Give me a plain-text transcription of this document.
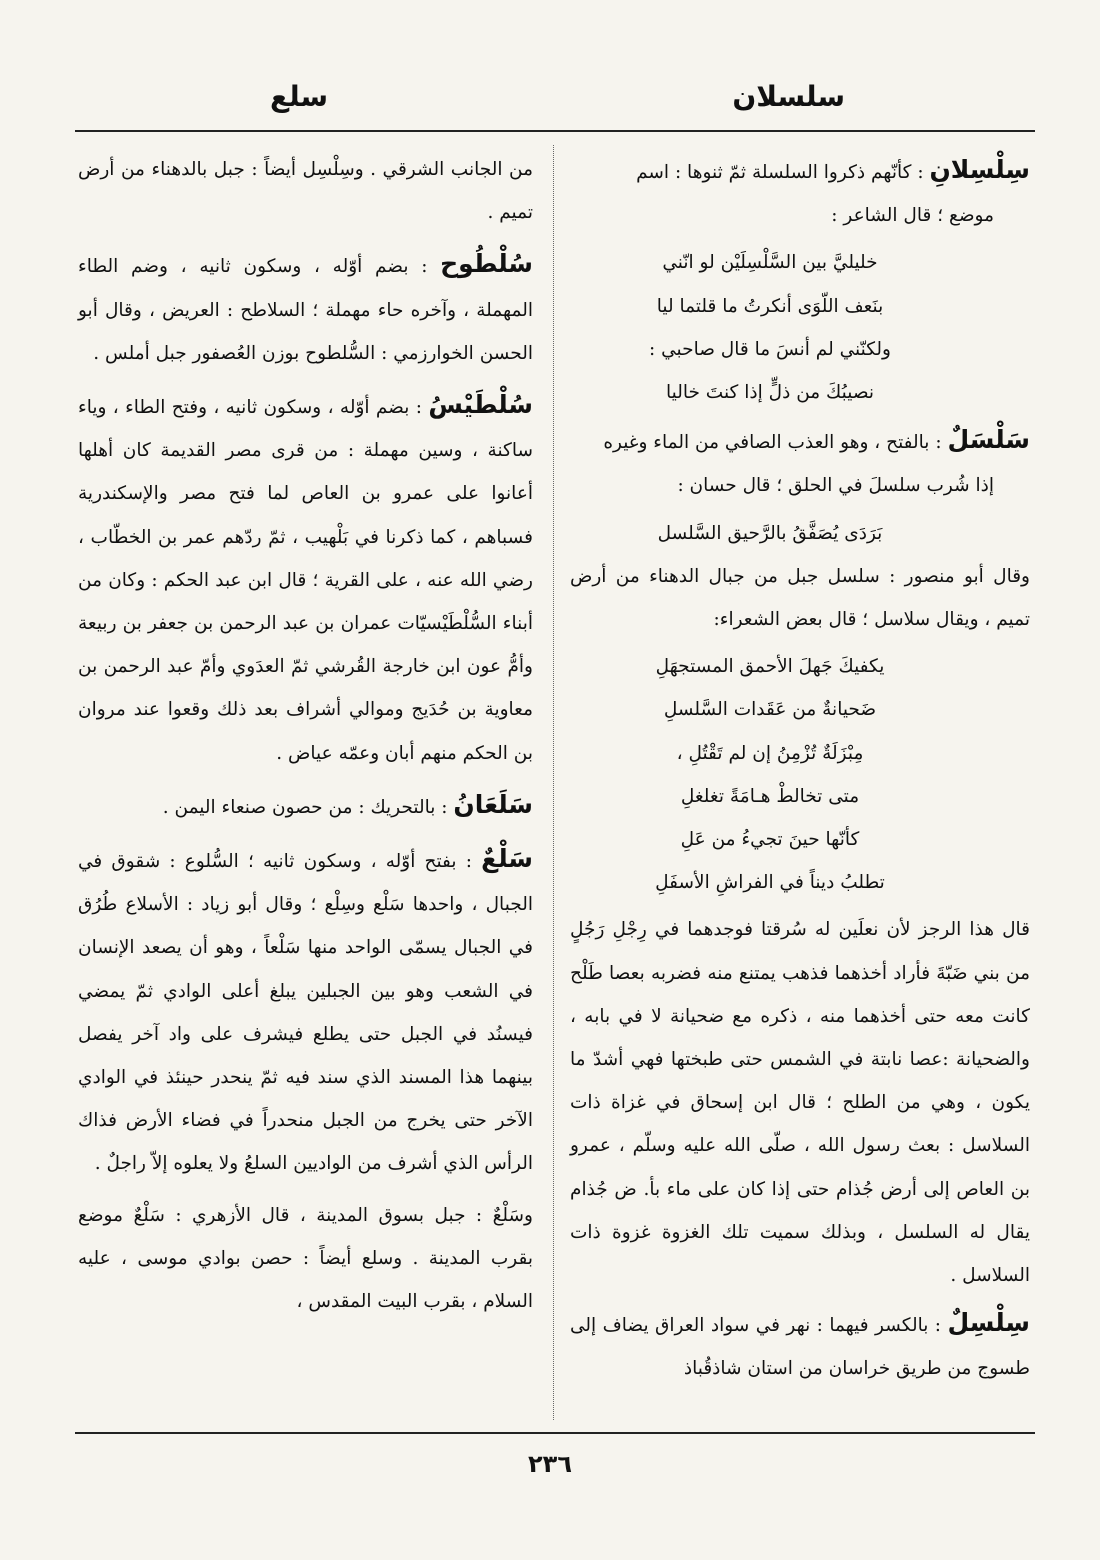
سلسلان
سلع

سِلْسِلانِ : كأنّهم ذكروا السلسلة ثمّ ثنوها : اسم
موضع ؛ قال الشاعر :

خليليَّ بين السَّلْسِلَيْن لو انّني

بنَعف اللّوَى أنكرتُ ما قلتما ليا

ولكنّني لم أنسَ ما قال صاحبي :

نصيبُكَ من ذلٍّ إذا كنتَ خاليا

سَلْسَلٌ : بالفتح ، وهو العذب الصافي من الماء وغيره
إذا شُرب سلسلَ في الحلق ؛ قال حسان :

بَرَدَى يُصَفَّقُ بالرَّحيق السَّلسل

وقال أبو منصور : سلسل جبل من جبال الدهناء من أرض تميم ، ويقال سلاسل ؛ قال بعض الشعراء:

يكفيكَ جَهلَ الأحمق المستجهَلِ

ضَحيانةٌ من عَقَدات السَّلسلِ

مِبْزَلَةٌ تُزْمِنُ إن لم تَقْتُلِ ،

متى تخالطْ هـامَةً تغلغلِ

كأنّها حينَ تجيءُ من عَلِ

تطلبُ ديناً في الفراشِ الأسفَلِ

قال هذا الرجز لأن نعلَين له سُرقتا فوجدهما في رِجْلِ رَجُلٍ من بني ضَبّةَ فأراد أخذهما فذهب يمتنع منه فضربه بعصا طَلْح كانت معه حتى أخذهما منه ، ذكره مع ضحيانة لا في بابه ، والضحيانة :عصا نابتة في الشمس حتى طبختها فهي أشدّ ما يكون ، وهي من الطلح ؛ قال ابن إسحاق في غزاة ذات السلاسل : بعث رسول الله ، صلّى الله عليه وسلّم ، عمرو بن العاص إلى أرض جُذام حتى إذا كان على ماء بأ. ض جُذام يقال له السلسل ، وبذلك سميت تلك الغزوة غزوة ذات السلاسل .

سِلْسِلٌ : بالكسر فيهما : نهر في سواد العراق يضاف إلى طسوج من طريق خراسان من استان شاذقُباذ

من الجانب الشرقي . وسِلْسِل أيضاً : جبل بالدهناء من أرض تميم .

سُلْطُوح : بضم أوّله ، وسكون ثانيه ، وضم الطاء المهملة ، وآخره حاء مهملة ؛ السلاطح : العريض ، وقال أبو الحسن الخوارزمي : السُّلطوح بوزن العُصفور جبل أملس .

سُلْطَيْسُ : بضم أوّله ، وسكون ثانيه ، وفتح الطاء ، وياء ساكنة ، وسين مهملة : من قرى مصر القديمة كان أهلها أعانوا على عمرو بن العاص لما فتح مصر والإسكندرية فسباهم ، كما ذكرنا في بَلْهيب ، ثمّ ردّهم عمر بن الخطّاب ، رضي الله عنه ، على القرية ؛ قال ابن عبد الحكم : وكان من أبناء السُّلْطَيْسيّات عمران بن عبد الرحمن بن جعفر بن ربيعة وأمُّ عون ابن خارجة القُرشي ثمّ العدَوي وأمّ عبد الرحمن بن معاوية بن حُدَيج وموالي أشراف بعد ذلك وقعوا عند مروان بن الحكم منهم أبان وعمّه عياض .

سَلَعَانُ : بالتحريك : من حصون صنعاء اليمن .

سَلْعٌ : بفتح أوّله ، وسكون ثانيه ؛ السُّلوع : شقوق في الجبال ، واحدها سَلْع وسِلْع ؛ وقال أبو زياد : الأسلاع طُرُق في الجبال يسمّى الواحد منها سَلْعاً ، وهو أن يصعد الإنسان في الشعب وهو بين الجبلين يبلغ أعلى الوادي ثمّ يمضي فيسنُد في الجبل حتى يطلع فيشرف على واد آخر يفصل بينهما هذا المسند الذي سند فيه ثمّ ينحدر حينئذ في الوادي الآخر حتى يخرج من الجبل منحدراً في فضاء الأرض فذاك الرأس الذي أشرف من الواديين السلعُ ولا يعلوه إلاّ راجلٌ .

وسَلْعٌ : جبل بسوق المدينة ، قال الأزهري : سَلْعٌ موضع بقرب المدينة . وسلع أيضاً : حصن بوادي موسى ، عليه السلام ، بقرب البيت المقدس ،

٢٣٦
